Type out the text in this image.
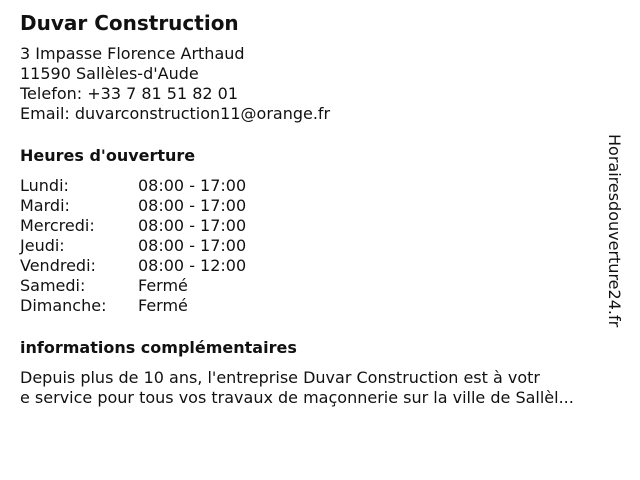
Duvar Construction
3 Impasse Florence Arthaud
11590 Sallèles-d'Aude
Telefon: +33 7 81 51 82 01
Email: duvarconstruction11@orange.fr
Heures d'ouverture
Lundi:	08:00 - 17:00
Mardi:	08:00 - 17:00
Mercredi:	08:00 - 17:00
Jeudi:	08:00 - 17:00
Vendredi:	08:00 - 12:00
Samedi:	Fermé
Dimanche:	Fermé
informations complémentaires
Depuis plus de 10 ans, l'entreprise Duvar Construction est à votr
e service pour tous vos travaux de maçonnerie sur la ville de Sallèl...
Horairesdouverture24.fr
